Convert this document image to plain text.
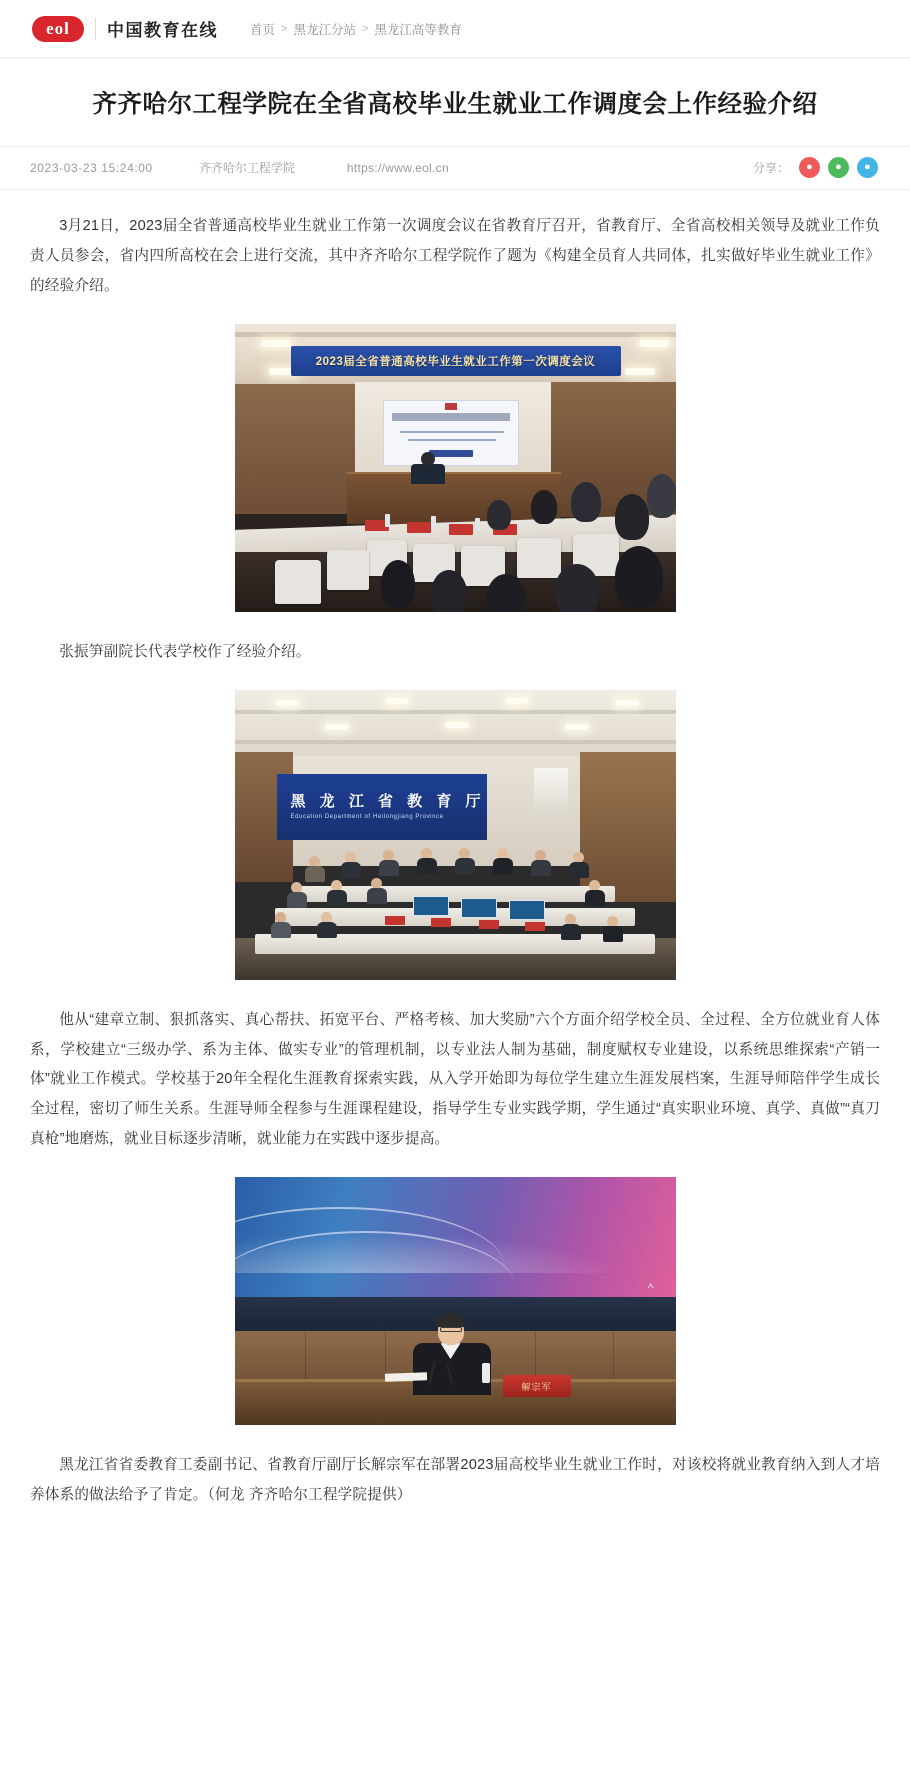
eol	中国教育在线	首页 > 黑龙江分站 > 黑龙江高等教育
齐齐哈尔工程学院在全省高校毕业生就业工作调度会上作经验介绍
2023-03-23 15:24:00	齐齐哈尔工程学院	https://www.eol.cn	分享：	●	●	●

3月21日，2023届全省普通高校毕业生就业工作第一次调度会议在省教育厅召开，省教育厅、全省高校相关领导及就业工作负责人员参会，省内四所高校在会上进行交流，其中齐齐哈尔工程学院作了题为《构建全员育人共同体，扎实做好毕业生就业工作》的经验介绍。

2023届全省普通高校毕业生就业工作第一次调度会议

张振笋副院长代表学校作了经验介绍。

黑 龙 江 省 教 育 厅
Education Department of Heilongjiang Province

他从“建章立制、狠抓落实、真心帮扶、拓宽平台、严格考核、加大奖励”六个方面介绍学校全员、全过程、全方位就业育人体系，学校建立“三级办学、系为主体、做实专业”的管理机制，以专业法人制为基础，制度赋权专业建设，以系统思维探索“产销一体”就业工作模式。学校基于20年全程化生涯教育探索实践，从入学开始即为每位学生建立生涯发展档案，生涯导师陪伴学生成长全过程，密切了师生关系。生涯导师全程参与生涯课程建设，指导学生专业实践学期，学生通过“真实职业环境、真学、真做”“真刀真枪”地磨炼，就业目标逐步清晰，就业能力在实践中逐步提高。

^
解宗军

黑龙江省省委教育工委副书记、省教育厅副厅长解宗军在部署2023届高校毕业生就业工作时，对该校将就业教育纳入到人才培养体系的做法给予了肯定。（何龙 齐齐哈尔工程学院提供）
